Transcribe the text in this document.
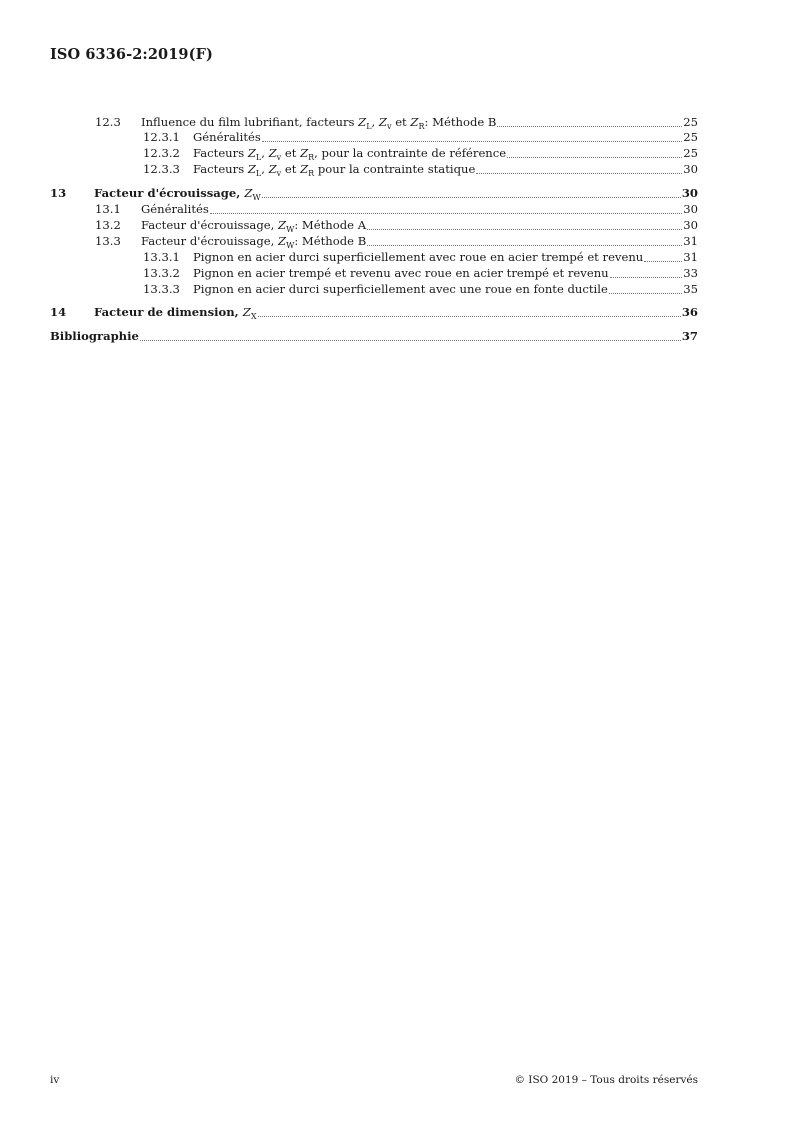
ISO 6336-2:2019(F)
12.3	Influence du film lubrifiant, facteurs $Z_L$, $Z_v$ et $Z_R$: Méthode B	25
12.3.1	Généralités	25
12.3.2	Facteurs $Z_L$, $Z_v$ et $Z_R$, pour la contrainte de référence	25
12.3.3	Facteurs $Z_L$, $Z_v$ et $Z_R$ pour la contrainte statique	30
13	Facteur d'écrouissage, $Z_W$	30
13.1	Généralités	30
13.2	Facteur d'écrouissage, $Z_W$: Méthode A	30
13.3	Facteur d'écrouissage, $Z_W$: Méthode B	31
13.3.1	Pignon en acier durci superficiellement avec roue en acier trempé et revenu	31
13.3.2	Pignon en acier trempé et revenu avec roue en acier trempé et revenu	33
13.3.3	Pignon en acier durci superficiellement avec une roue en fonte ductile	35
14	Facteur de dimension, $Z_X$	36
Bibliographie	37
iv	© ISO 2019 – Tous droits réservés
